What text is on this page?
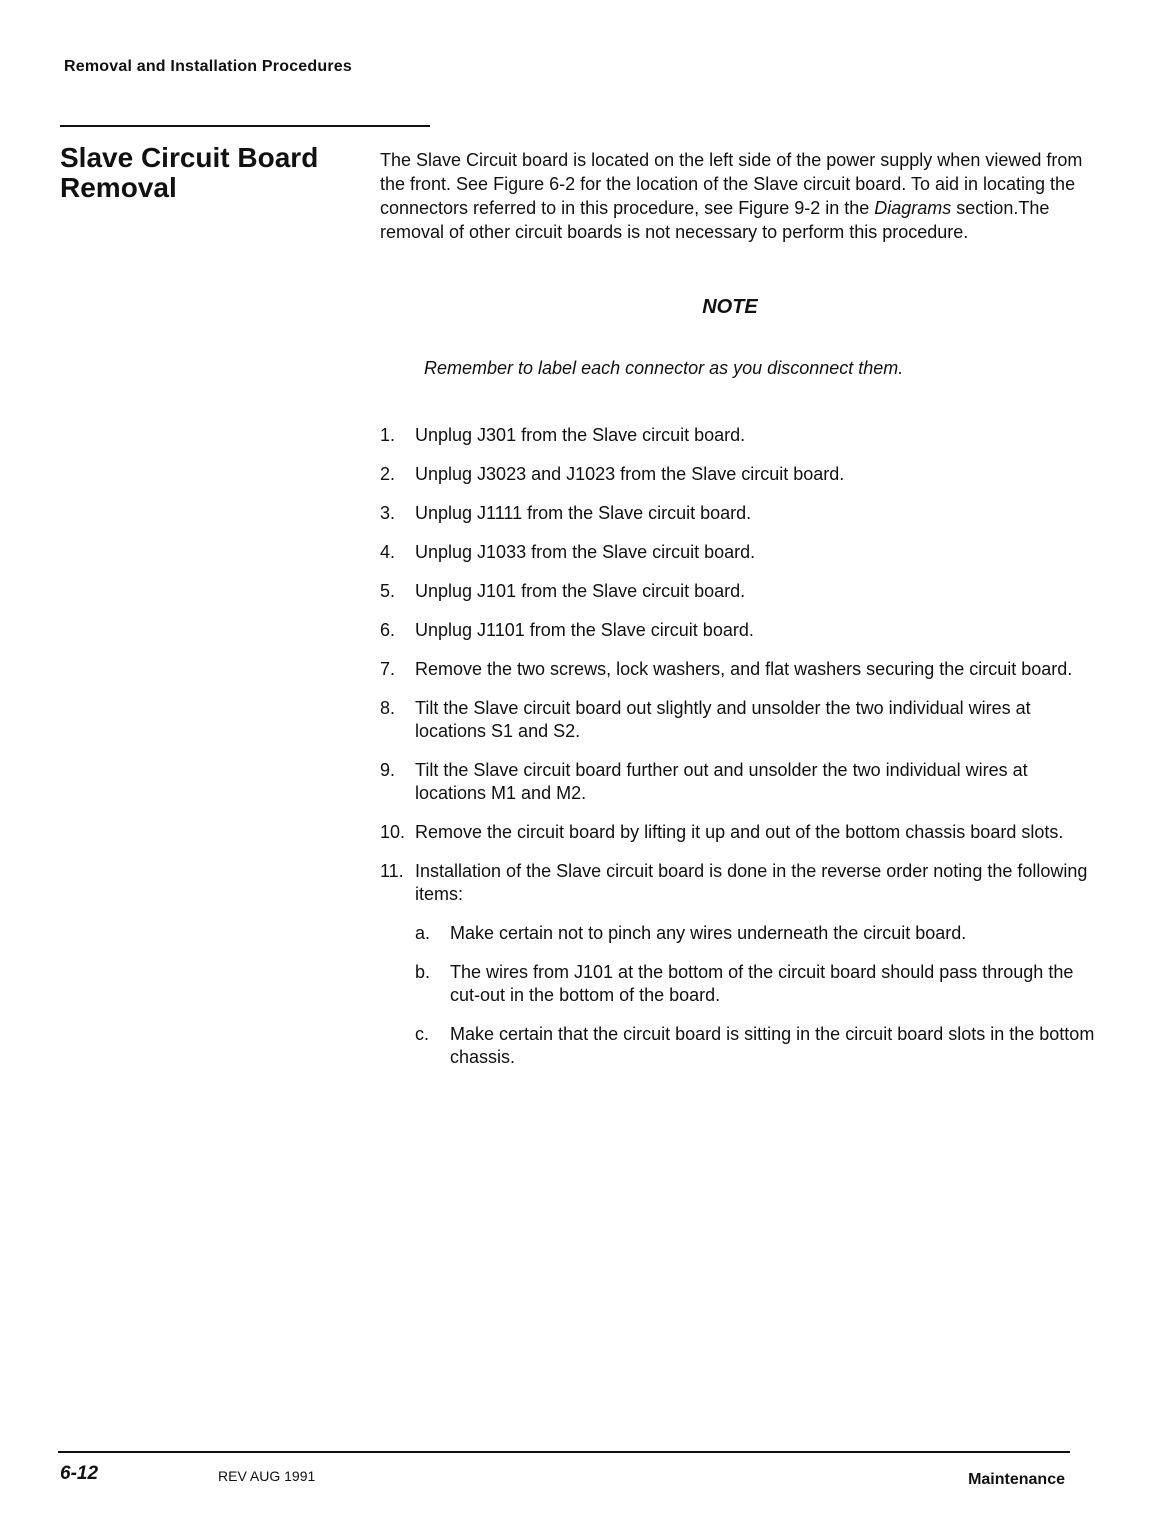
Removal and Installation Procedures
Slave Circuit Board Removal

The Slave Circuit board is located on the left side of the power supply when viewed from the front. See Figure 6-2 for the location of the Slave circuit board. To aid in locating the connectors referred to in this procedure, see Figure 9-2 in the Diagrams section.The removal of other circuit boards is not necessary to perform this procedure.

NOTE
Remember to label each connector as you disconnect them.
1. Unplug J301 from the Slave circuit board.
2. Unplug J3023 and J1023 from the Slave circuit board.
3. Unplug J1111 from the Slave circuit board.
4. Unplug J1033 from the Slave circuit board.
5. Unplug J101 from the Slave circuit board.
6. Unplug J1101 from the Slave circuit board.
7. Remove the two screws, lock washers, and flat washers securing the circuit board.
8. Tilt the Slave circuit board out slightly and unsolder the two individual wires at locations S1 and S2.
9. Tilt the Slave circuit board further out and unsolder the two individual wires at locations M1 and M2.
10. Remove the circuit board by lifting it up and out of the bottom chassis board slots.
11. Installation of the Slave circuit board is done in the reverse order noting the following items:
a. Make certain not to pinch any wires underneath the circuit board.
b. The wires from J101 at the bottom of the circuit board should pass through the cut-out in the bottom of the board.
c. Make certain that the circuit board is sitting in the circuit board slots in the bottom chassis.
6-12	REV AUG 1991	Maintenance
